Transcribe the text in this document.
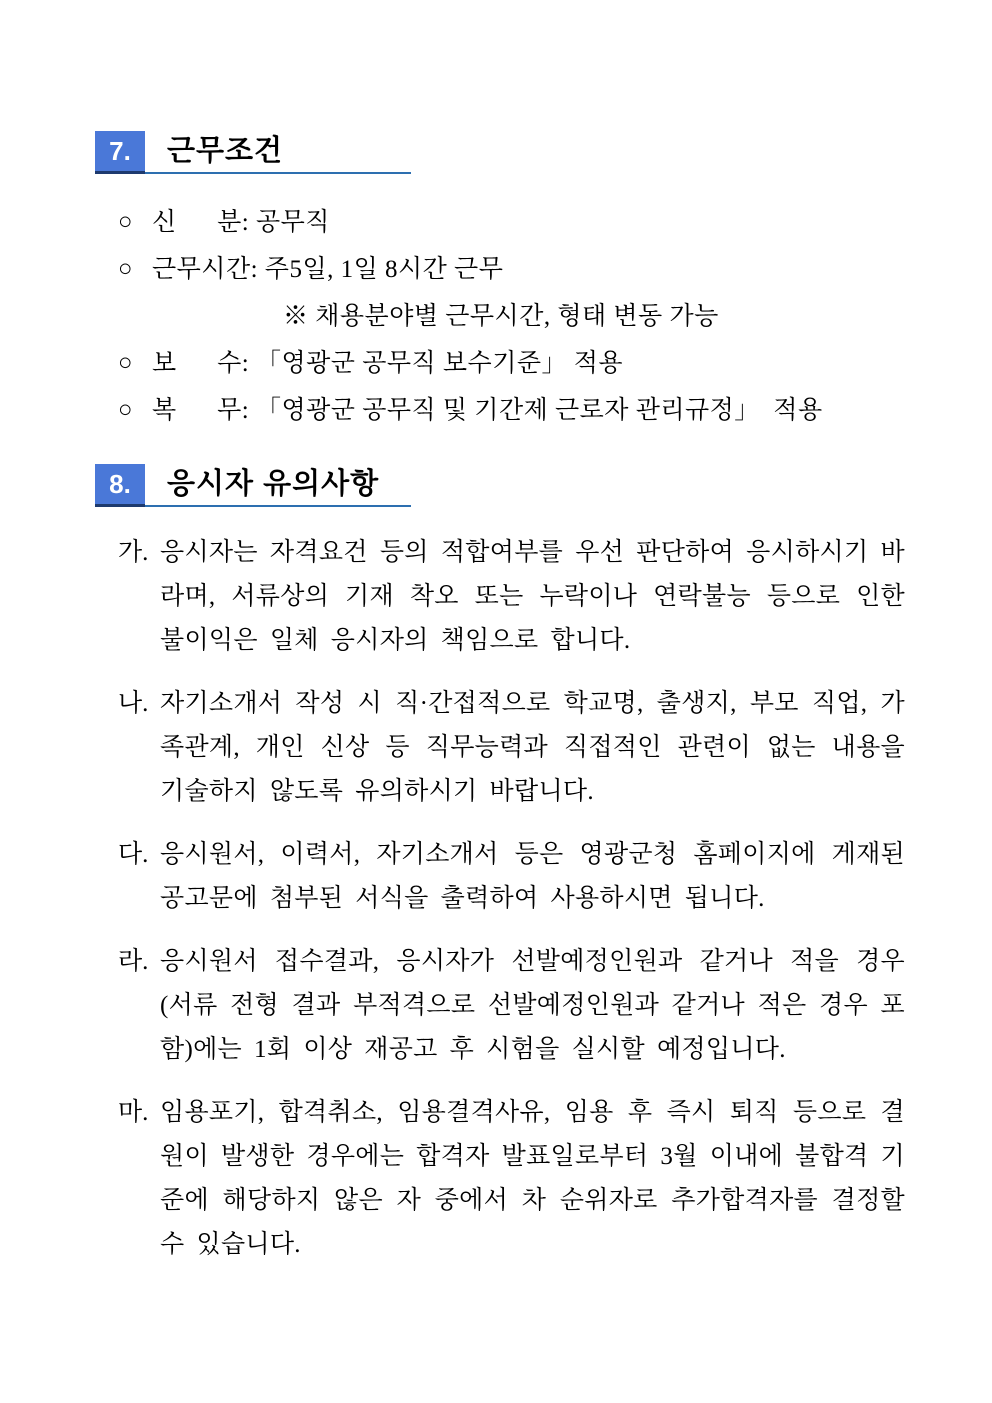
7.	근무조건
○ 신      분: 공무직
○ 근무시간: 주5일, 1일 8시간 근무
※ 채용분야별 근무시간, 형태 변동 가능
○ 보      수: 「영광군 공무직 보수기준」 적용
○ 복      무: 「영광군 공무직 및 기간제 근로자 관리규정」  적용
8.	응시자 유의사항
가. 응시자는 자격요건 등의 적합여부를 우선 판단하여 응시하시기 바라며, 서류상의 기재 착오 또는 누락이나 연락불능 등으로 인한 불이익은 일체 응시자의 책임으로 합니다.
나. 자기소개서 작성 시 직·간접적으로 학교명, 출생지, 부모 직업, 가족관계, 개인 신상 등 직무능력과 직접적인 관련이 없는 내용을 기술하지 않도록 유의하시기 바랍니다.
다. 응시원서, 이력서, 자기소개서 등은 영광군청 홈페이지에 게재된 공고문에 첨부된 서식을 출력하여 사용하시면 됩니다.
라. 응시원서 접수결과, 응시자가 선발예정인원과 같거나 적을 경우 (서류 전형 결과 부적격으로 선발예정인원과 같거나 적은 경우 포함)에는 1회 이상 재공고 후 시험을 실시할 예정입니다.
마. 임용포기, 합격취소, 임용결격사유, 임용 후 즉시 퇴직 등으로 결원이 발생한 경우에는 합격자 발표일로부터 3월 이내에 불합격 기준에 해당하지 않은 자 중에서 차 순위자로 추가합격자를 결정할 수 있습니다.
